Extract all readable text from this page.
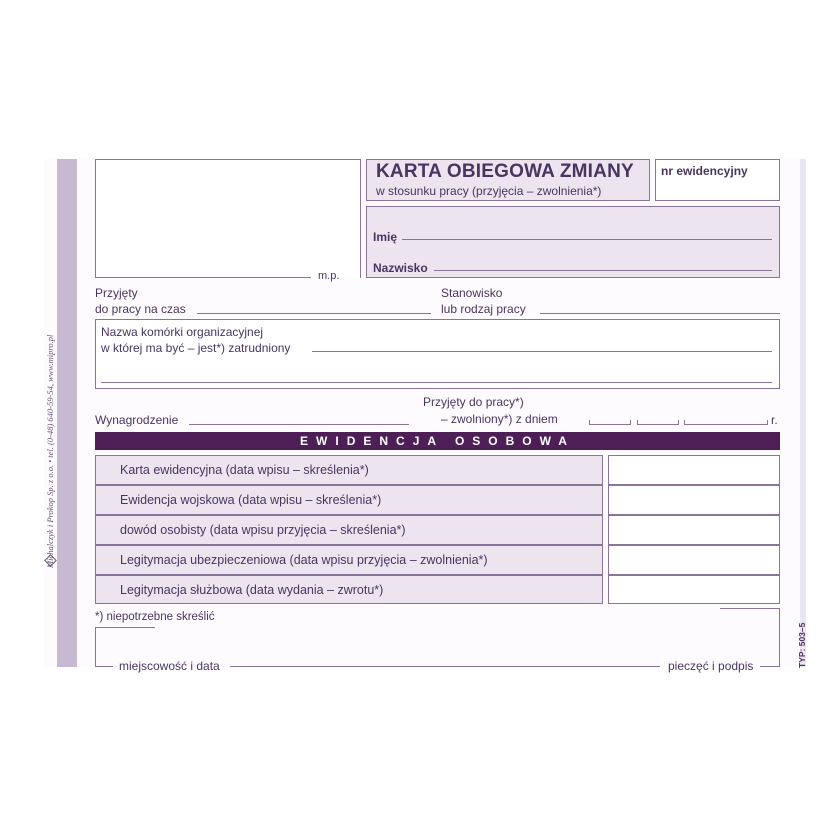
Michalczyk i Prokop Sp. z o.o. • tel. (0-48) 640-59-54, www.mipro.pl
TYP: 503–5
m.p.
KARTA OBIEGOWA ZMIANY
w stosunku pracy (przyjęcia – zwolnienia*)
nr ewidencyjny
Imię
Nazwisko
Przyjęty
do pracy na czas
Stanowisko
lub rodzaj pracy
Nazwa komórki organizacyjnej
w której ma być – jest*) zatrudniony
Wynagrodzenie
Przyjęty do pracy*)
– zwolniony*) z dniem	r.
EWIDENCJA OSOBOWA
Karta ewidencyjna (data wpisu – skreślenia*)
Ewidencja wojskowa (data wpisu – skreślenia*)
dowód osobisty (data wpisu przyjęcia – skreślenia*)
Legitymacja ubezpieczeniowa (data wpisu przyjęcia – zwolnienia*)
Legitymacja służbowa (data wydania – zwrotu*)
*) niepotrzebne skreślić
miejscowość i data	pieczęć i podpis
